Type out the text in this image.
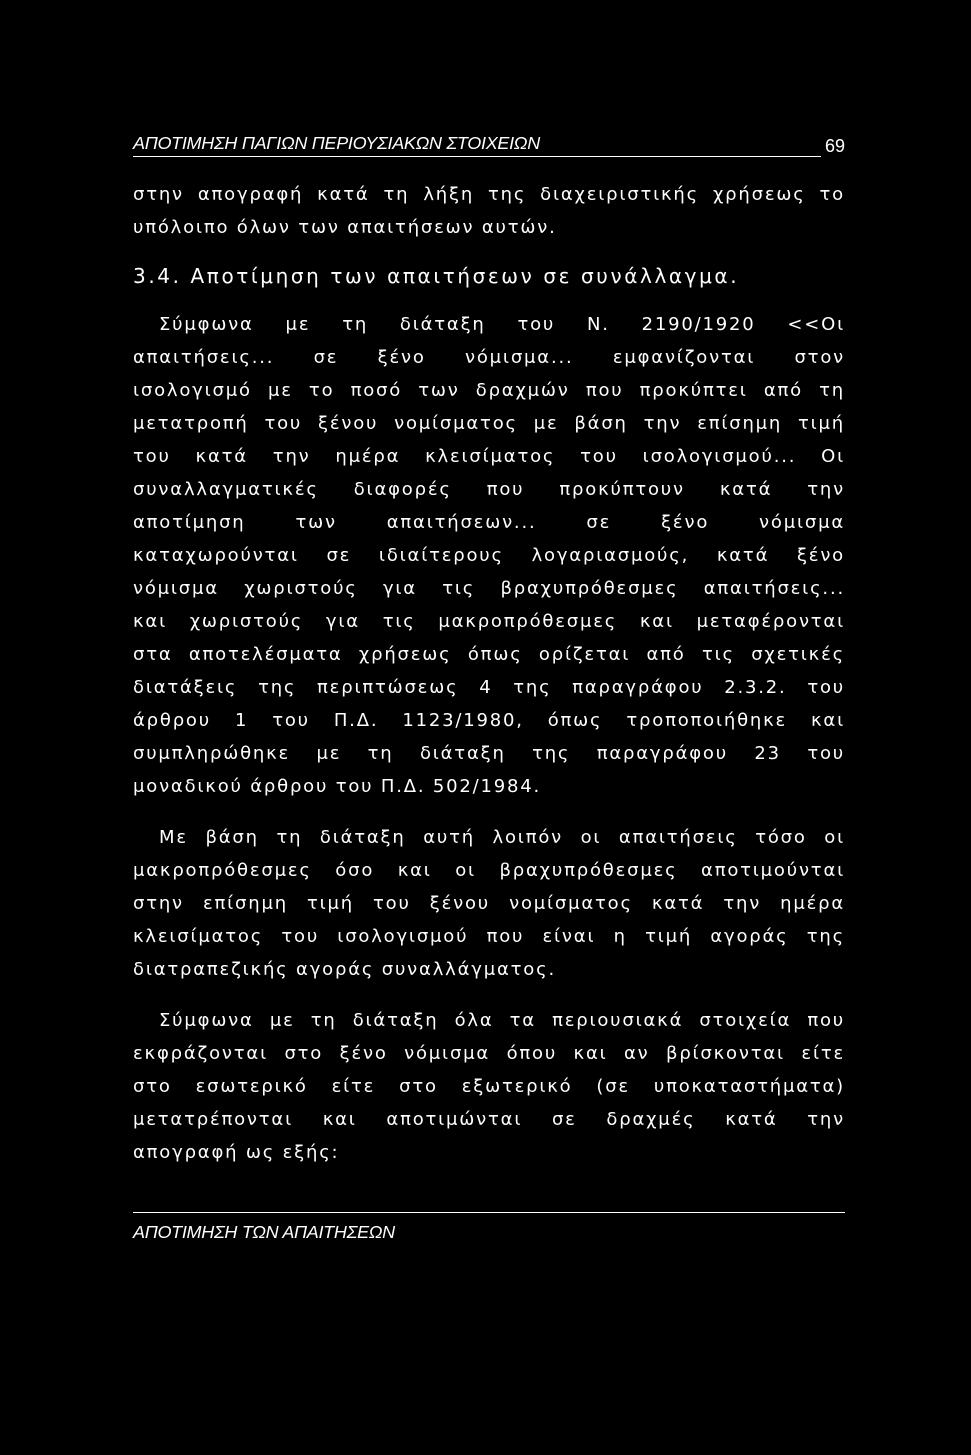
ΑΠΟΤΙΜΗΣΗ ΠΑΓΙΩΝ ΠΕΡΙΟΥΣΙΑΚΩΝ ΣΤΟΙΧΕΙΩΝ	69
στην απογραφή κατά τη λήξη της διαχειριστικής χρήσεως το
υπόλοιπο όλων των απαιτήσεων αυτών.
3.4. Αποτίμηση των απαιτήσεων σε συνάλλαγμα.
Σύμφωνα με τη διάταξη του Ν. 2190/1920 <<Οι
απαιτήσεις... σε ξένο νόμισμα... εμφανίζονται στον
ισολογισμό με το ποσό των δραχμών που προκύπτει από τη
μετατροπή του ξένου νομίσματος με βάση την επίσημη τιμή
του κατά την ημέρα κλεισίματος του ισολογισμού... Οι
συναλλαγματικές διαφορές που προκύπτουν κατά την
αποτίμηση των απαιτήσεων... σε ξένο νόμισμα
καταχωρούνται σε ιδιαίτερους λογαριασμούς, κατά ξένο
νόμισμα χωριστούς για τις βραχυπρόθεσμες απαιτήσεις...
και χωριστούς για τις μακροπρόθεσμες και μεταφέρονται
στα αποτελέσματα χρήσεως όπως ορίζεται από τις σχετικές
διατάξεις της περιπτώσεως 4 της παραγράφου 2.3.2. του
άρθρου 1 του Π.Δ. 1123/1980, όπως τροποποιήθηκε και
συμπληρώθηκε με τη διάταξη της παραγράφου 23 του
μοναδικού άρθρου του Π.Δ. 502/1984.
Με βάση τη διάταξη αυτή λοιπόν οι απαιτήσεις τόσο οι
μακροπρόθεσμες όσο και οι βραχυπρόθεσμες αποτιμούνται
στην επίσημη τιμή του ξένου νομίσματος κατά την ημέρα
κλεισίματος του ισολογισμού που είναι η τιμή αγοράς της
διατραπεζικής αγοράς συναλλάγματος.
Σύμφωνα με τη διάταξη όλα τα περιουσιακά στοιχεία που
εκφράζονται στο ξένο νόμισμα όπου και αν βρίσκονται είτε
στο εσωτερικό είτε στο εξωτερικό (σε υποκαταστήματα)
μετατρέπονται και αποτιμώνται σε δραχμές κατά την
απογραφή ως εξής:
ΑΠΟΤΙΜΗΣΗ ΤΩΝ ΑΠΑΙΤΗΣΕΩΝ
